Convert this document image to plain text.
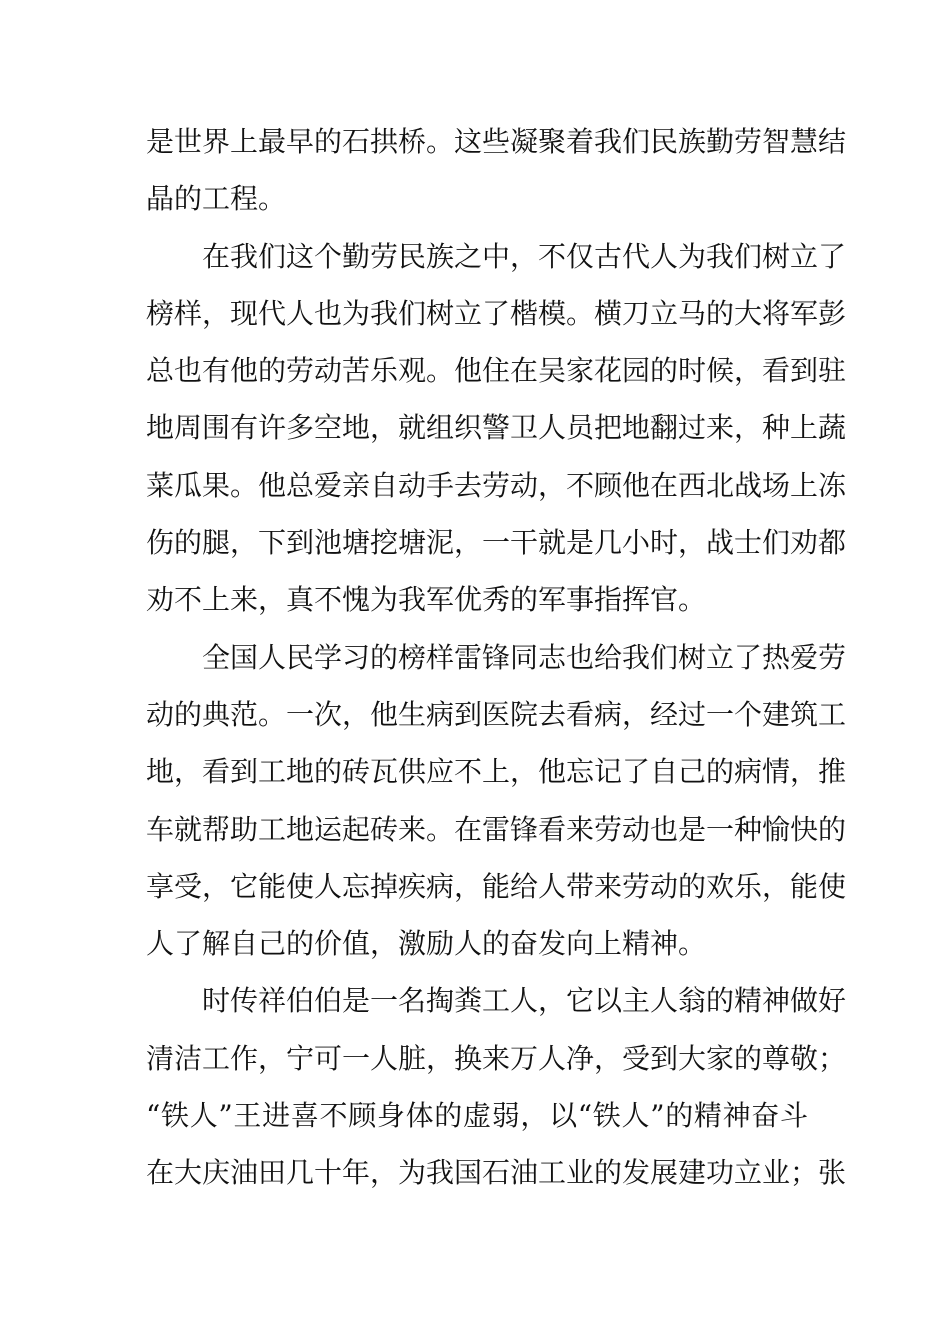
是世界上最早的石拱桥。这些凝聚着我们民族勤劳智慧结
晶的工程。
在我们这个勤劳民族之中，不仅古代人为我们树立了
榜样，现代人也为我们树立了楷模。横刀立马的大将军彭
总也有他的劳动苦乐观。他住在吴家花园的时候，看到驻
地周围有许多空地，就组织警卫人员把地翻过来，种上蔬
菜瓜果。他总爱亲自动手去劳动，不顾他在西北战场上冻
伤的腿，下到池塘挖塘泥，一干就是几小时，战士们劝都
劝不上来，真不愧为我军优秀的军事指挥官。
全国人民学习的榜样雷锋同志也给我们树立了热爱劳
动的典范。一次，他生病到医院去看病，经过一个建筑工
地，看到工地的砖瓦供应不上，他忘记了自己的病情，推
车就帮助工地运起砖来。在雷锋看来劳动也是一种愉快的
享受，它能使人忘掉疾病，能给人带来劳动的欢乐，能使
人了解自己的价值，激励人的奋发向上精神。
时传祥伯伯是一名掏粪工人，它以主人翁的精神做好
清洁工作，宁可一人脏，换来万人净，受到大家的尊敬；
“铁人”王进喜不顾身体的虚弱，以“铁人”的精神奋斗
在大庆油田几十年，为我国石油工业的发展建功立业；张
